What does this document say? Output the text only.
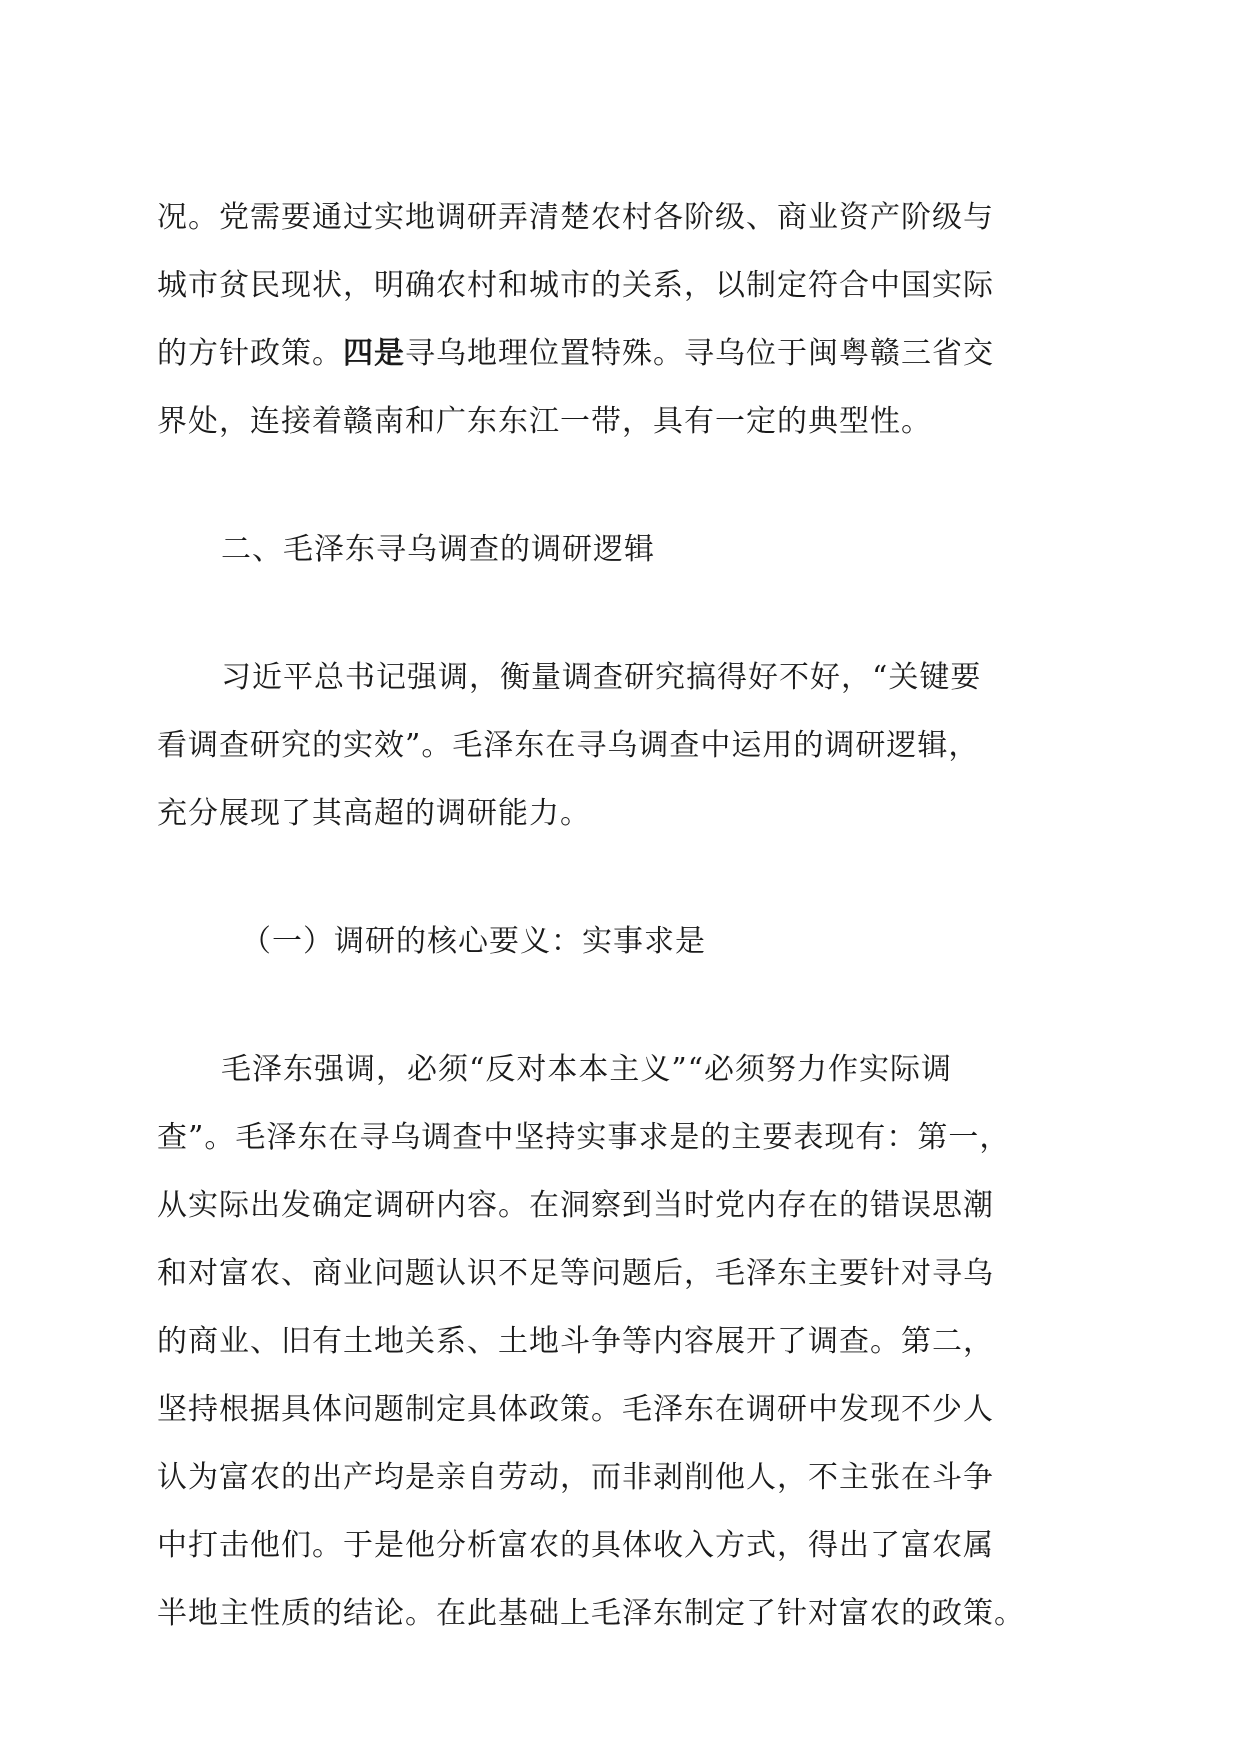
况。党需要通过实地调研弄清楚农村各阶级、商业资产阶级与
城市贫民现状，明确农村和城市的关系，以制定符合中国实际
的方针政策。四是寻乌地理位置特殊。寻乌位于闽粤赣三省交
界处，连接着赣南和广东东江一带，具有一定的典型性。

二、毛泽东寻乌调查的调研逻辑

习近平总书记强调，衡量调查研究搞得好不好，“关键要
看调查研究的实效”。毛泽东在寻乌调查中运用的调研逻辑，
充分展现了其高超的调研能力。

（一）调研的核心要义：实事求是

毛泽东强调，必须“反对本本主义”“必须努力作实际调
查”。毛泽东在寻乌调查中坚持实事求是的主要表现有：第一，
从实际出发确定调研内容。在洞察到当时党内存在的错误思潮
和对富农、商业问题认识不足等问题后，毛泽东主要针对寻乌
的商业、旧有土地关系、土地斗争等内容展开了调查。第二，
坚持根据具体问题制定具体政策。毛泽东在调研中发现不少人
认为富农的出产均是亲自劳动，而非剥削他人，不主张在斗争
中打击他们。于是他分析富农的具体收入方式，得出了富农属
半地主性质的结论。在此基础上毛泽东制定了针对富农的政策。
